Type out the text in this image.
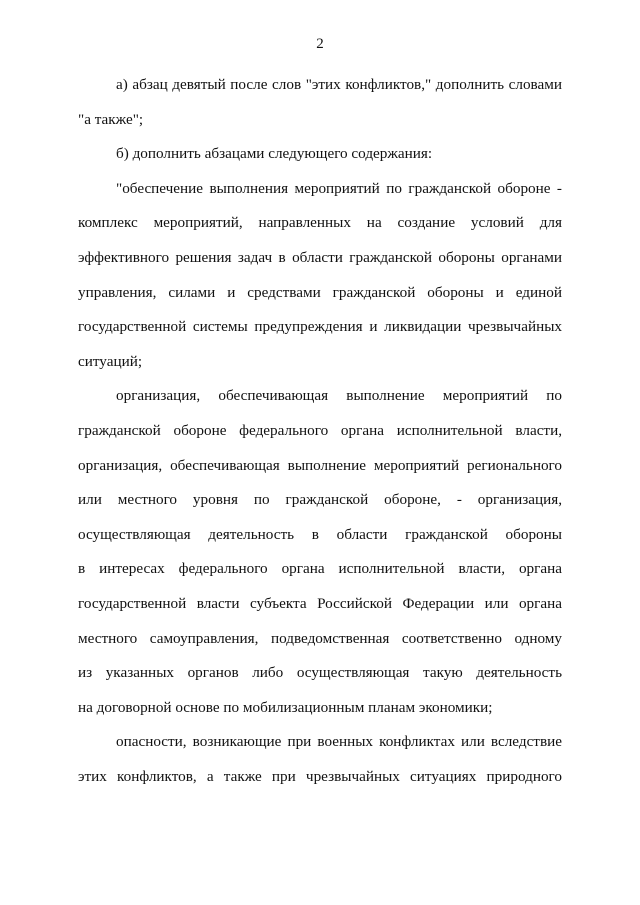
2
а) абзац девятый после слов "этих конфликтов," дополнить словами
"а также";
б) дополнить абзацами следующего содержания:
"обеспечение выполнения мероприятий по гражданской обороне -
комплекс мероприятий, направленных на создание условий для
эффективного решения задач в области гражданской обороны органами
управления, силами и средствами гражданской обороны и единой
государственной системы предупреждения и ликвидации чрезвычайных
ситуаций;
организация, обеспечивающая выполнение мероприятий по
гражданской обороне федерального органа исполнительной власти,
организация, обеспечивающая выполнение мероприятий регионального
или местного уровня по гражданской обороне, - организация,
осуществляющая деятельность в области гражданской обороны
в интересах федерального органа исполнительной власти, органа
государственной власти субъекта Российской Федерации или органа
местного самоуправления, подведомственная соответственно одному
из указанных органов либо осуществляющая такую деятельность
на договорной основе по мобилизационным планам экономики;
опасности, возникающие при военных конфликтах или вследствие
этих конфликтов, а также при чрезвычайных ситуациях природного
